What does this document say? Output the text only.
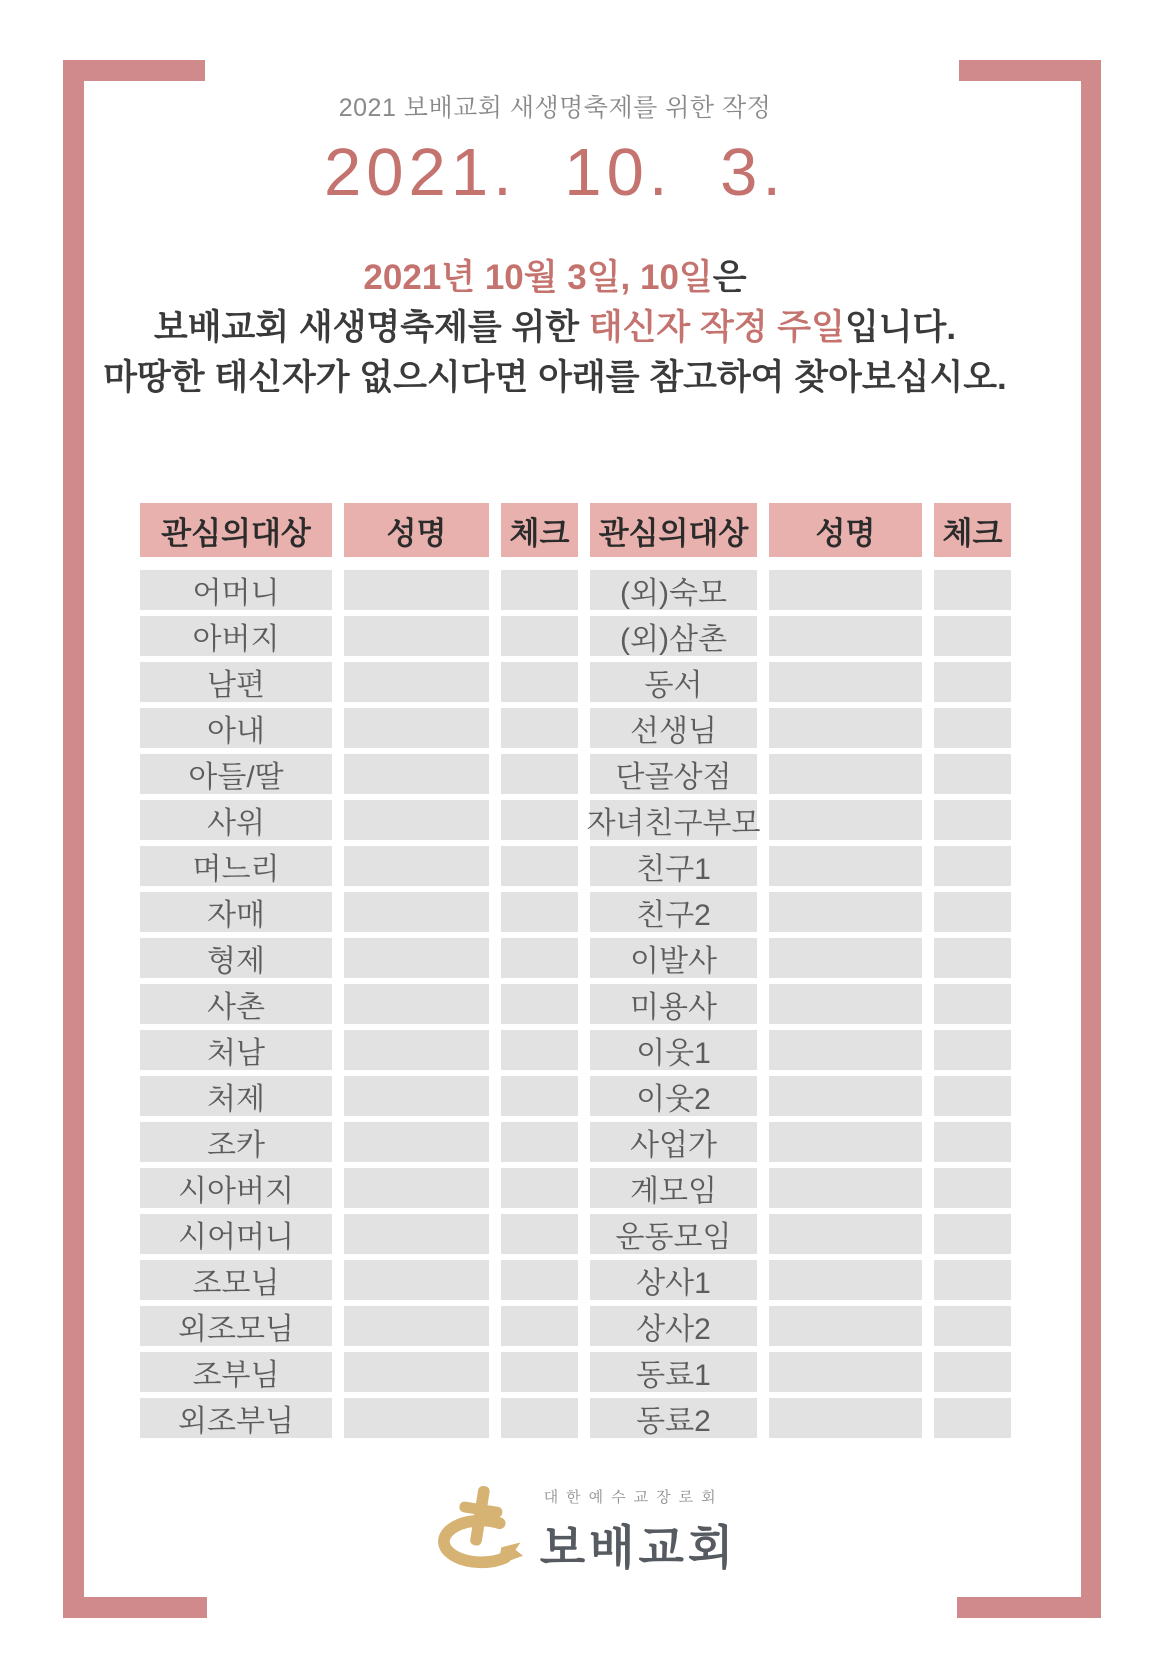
2021 보배교회 새생명축제를 위한 작정
2021. 10. 3.

2021년 10월 3일, 10일은

보배교회 새생명축제를 위한 태신자 작정 주일입니다.

마땅한 태신자가 없으시다면 아래를 참고하여 찾아보십시오.

관심의대상	성명	체크 관심의대상	성명	체크
어머니	(외)숙모
아버지	(외)삼촌
남편	동서
아내	선생님
아들/딸	단골상점
사위	자녀친구부모
며느리	친구1
자매	친구2
형제	이발사
사촌	미용사
처남	이웃1
처제	이웃2
조카	사업가
시아버지	계모임
시어머니	운동모임
조모님	상사1
외조모님	상사2
조부님	동료1
외조부님	동료2
대한예수교장로회
보배교회
